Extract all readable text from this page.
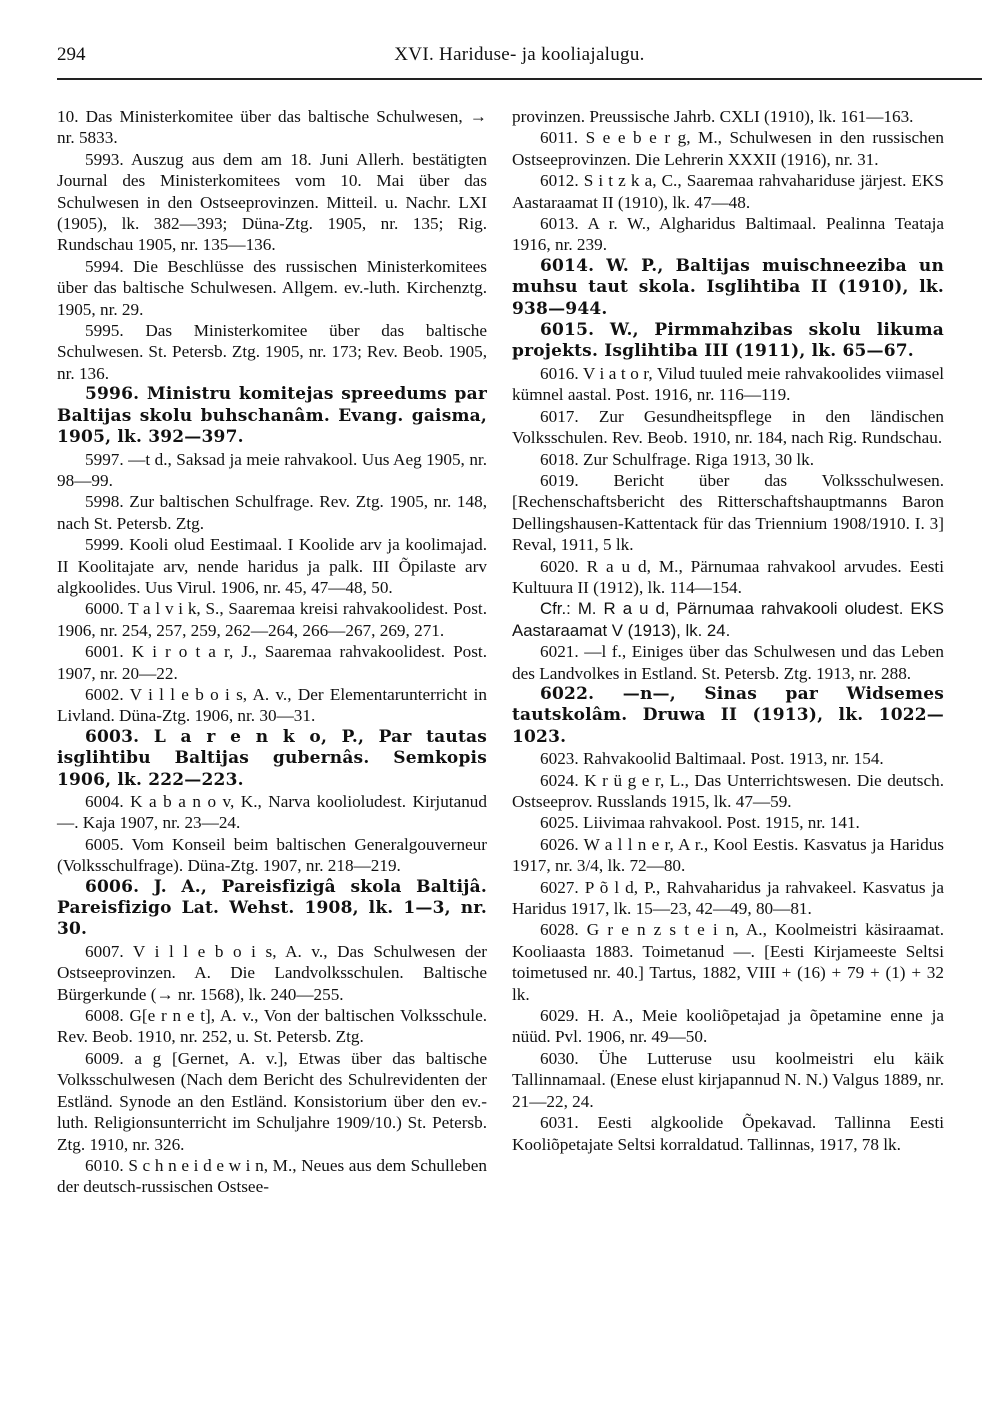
294	XVI. Hariduse- ja kooliajalugu.

10. Das Ministerkomitee über das baltische Schulwesen, → nr. 5833.

5993. Auszug aus dem am 18. Juni Allerh. bestätigten Journal des Ministerkomitees vom 10. Mai über das Schulwesen in den Ostseeprovinzen. Mitteil. u. Nachr. LXI (1905), lk. 382—393; Düna-Ztg. 1905, nr. 135; Rig. Rundschau 1905, nr. 135—136.

5994. Die Beschlüsse des russischen Ministerkomitees über das baltische Schulwesen. Allgem. ev.-luth. Kirchenztg. 1905, nr. 29.

5995. Das Ministerkomitee über das baltische Schulwesen. St. Petersb. Ztg. 1905, nr. 173; Rev. Beob. 1905, nr. 136.

5996. Ministru komitejas spreedums par Baltijas skolu buhschanâm. Evang. gaisma, 1905, lk. 392—397.

5997. —t d., Saksad ja meie rahvakool. Uus Aeg 1905, nr. 98—99.

5998. Zur baltischen Schulfrage. Rev. Ztg. 1905, nr. 148, nach St. Petersb. Ztg.

5999. Kooli olud Eestimaal. I Koolide arv ja koolimajad. II Koolitajate arv, nende haridus ja palk. III Õpilaste arv algkoolides. Uus Virul. 1906, nr. 45, 47—48, 50.

6000. T a l v i k, S., Saaremaa kreisi rahvakoolidest. Post. 1906, nr. 254, 257, 259, 262—264, 266—267, 269, 271.

6001. K i r o t a r, J., Saaremaa rahvakoolidest. Post. 1907, nr. 20—22.

6002. V i l l e b o i s, A. v., Der Elementarunterricht in Livland. Düna-Ztg. 1906, nr. 30—31.

6003. L a r e n k o, P., Par tautas isglihtibu Baltijas gubernâs. Semkopis 1906, lk. 222—223.

6004. K a b a n o v, K., Narva koolioludest. Kirjutanud —. Kaja 1907, nr. 23—24.

6005. Vom Konseil beim baltischen Generalgouverneur (Volksschulfrage). Düna-Ztg. 1907, nr. 218—219.

6006. J. A., Pareisfizigâ skola Baltijâ. Pareisfizigo Lat. Wehst. 1908, lk. 1—3, nr. 30.

6007. V i l l e b o i s, A. v., Das Schulwesen der Ostseeprovinzen. A. Die Landvolksschulen. Baltische Bürgerkunde (→ nr. 1568), lk. 240—255.

6008. G[e r n e t], A. v., Von der baltischen Volksschule. Rev. Beob. 1910, nr. 252, u. St. Petersb. Ztg.

6009. a g [Gernet, A. v.], Etwas über das baltische Volksschulwesen (Nach dem Bericht des Schulrevidenten der Estländ. Synode an den Estländ. Konsistorium über den ev.-luth. Religionsunterricht im Schuljahre 1909/10.) St. Petersb. Ztg. 1910, nr. 326.

6010. S c h n e i d e w i n, M., Neues aus dem Schulleben der deutsch-russischen Ostsee-

provinzen. Preussische Jahrb. CXLI (1910), lk. 161—163.

6011. S e e b e r g, M., Schulwesen in den russischen Ostseeprovinzen. Die Lehrerin XXXII (1916), nr. 31.

6012. S i t z k a, C., Saaremaa rahvahariduse järjest. EKS Aastaraamat II (1910), lk. 47—48.

6013. A r. W., Algharidus Baltimaal. Pealinna Teataja 1916, nr. 239.

6014. W. P., Baltijas muischneeziba un muhsu taut skola. Isglihtiba II (1910), lk. 938—944.

6015. W., Pirmmahzibas skolu likuma projekts. Isglihtiba III (1911), lk. 65—67.

6016. V i a t o r, Vilud tuuled meie rahvakoolides viimasel kümnel aastal. Post. 1916, nr. 116—119.

6017. Zur Gesundheitspflege in den ländischen Volksschulen. Rev. Beob. 1910, nr. 184, nach Rig. Rundschau.

6018. Zur Schulfrage. Riga 1913, 30 lk.

6019. Bericht über das Volksschulwesen. [Rechenschaftsbericht des Ritterschaftshauptmanns Baron Dellingshausen-Kattentack für das Triennium 1908/1910. I. 3] Reval, 1911, 5 lk.

6020. R a u d, M., Pärnumaa rahvakool arvudes. Eesti Kultuura II (1912), lk. 114—154.

Cfr.: M. R a u d, Pärnumaa rahvakooli oludest. EKS Aastaraamat V (1913), lk. 24.

6021. —l f., Einiges über das Schulwesen und das Leben des Landvolkes in Estland. St. Petersb. Ztg. 1913, nr. 288.

6022. —n—, Sinas par Widsemes tautskolâm. Druwa II (1913), lk. 1022—1023.

6023. Rahvakoolid Baltimaal. Post. 1913, nr. 154.

6024. K r ü g e r, L., Das Unterrichtswesen. Die deutsch. Ostseeprov. Russlands 1915, lk. 47—59.

6025. Liivimaa rahvakool. Post. 1915, nr. 141.

6026. W a l l n e r, A r., Kool Eestis. Kasvatus ja Haridus 1917, nr. 3/4, lk. 72—80.

6027. P õ l d, P., Rahvaharidus ja rahvakeel. Kasvatus ja Haridus 1917, lk. 15—23, 42—49, 80—81.

6028. G r e n z s t e i n, A., Koolmeistri käsiraamat. Kooliaasta 1883. Toimetanud —. [Eesti Kirjameeste Seltsi toimetused nr. 40.] Tartus, 1882, VIII + (16) + 79 + (1) + 32 lk.

6029. H. A., Meie kooliõpetajad ja õpetamine enne ja nüüd. Pvl. 1906, nr. 49—50.

6030. Ühe Lutteruse usu koolmeistri elu käik Tallinnamaal. (Enese elust kirjapannud N. N.) Valgus 1889, nr. 21—22, 24.

6031. Eesti algkoolide Õpekavad. Tallinna Eesti Kooliõpetajate Seltsi korraldatud. Tallinnas, 1917, 78 lk.
